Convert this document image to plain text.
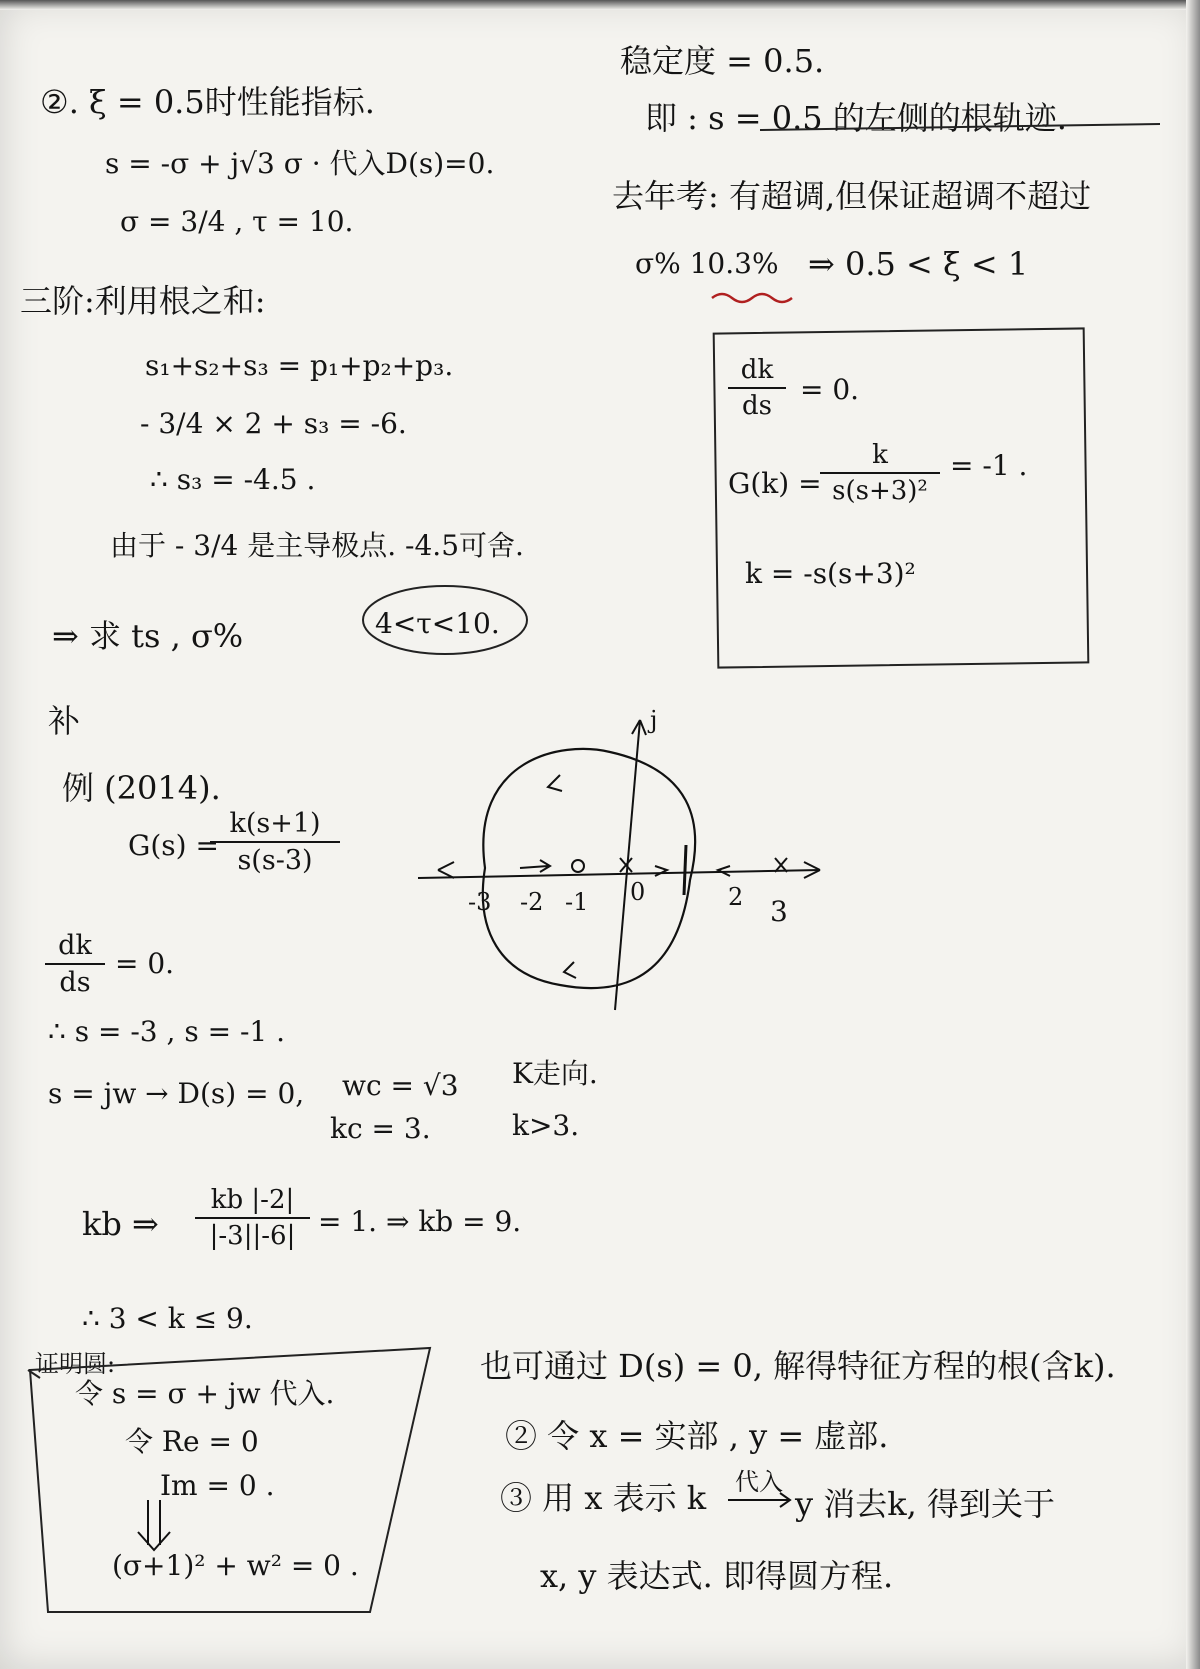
②. ξ = 0.5时性能指标.
s = -σ + j√3 σ · 代入D(s)=0.
σ = 3/4 , τ = 10.
三阶:利用根之和:
s₁+s₂+s₃ = p₁+p₂+p₃.
- 3/4 × 2 + s₃ = -6.
∴ s₃ = -4.5 .
由于 - 3/4 是主导极点. -4.5可舍.
⇒ 求 ts , σ%	4<τ<10.
补
例 (2014).
G(s) =
k(s+1)
s(s-3)
dk
ds
= 0.
∴ s = -3 , s = -1 .
s = jw → D(s) = 0, wc = √3
kc = 3.
K走向.
k>3.
kb ⇒
kb |-2|
|-3||-6| = 1. ⇒ kb = 9.
∴ 3 < k ≤ 9.
证明圆:
令 s = σ + jw 代入.
令 Re = 0
Im = 0 .
(σ+1)² + w² = 0 .
稳定度 = 0.5.
即 : s = 0.5 的左侧的根轨迹.
去年考: 有超调,但保证超调不超过
σ% 10.3% ⇒ 0.5 < ξ < 1
dk
ds	= 0.
G(k) =
k
s(s+3)²
= -1 .
k = -s(s+3)²
也可通过 D(s) = 0, 解得特征方程的根(含k).
② 令 x = 实部 , y = 虚部.
③ 用 x 表示 k 代入
y 消去k, 得到关于
x, y 表达式. 即得圆方程.
j
-3 -2 -1 0	2 3
